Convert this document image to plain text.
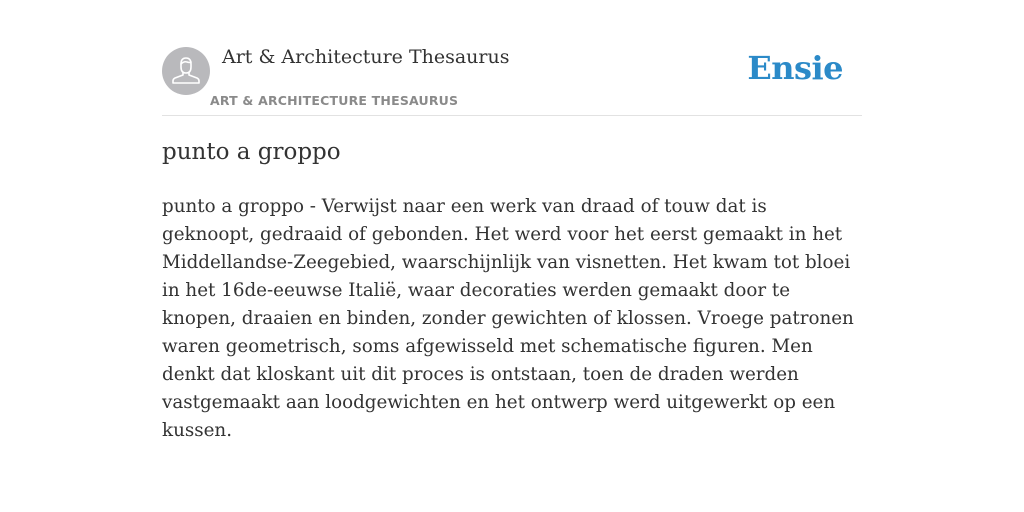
Art & Architecture Thesaurus
ART & ARCHITECTURE THESAURUS
Ensie
punto a groppo

punto a groppo - Verwijst naar een werk van draad of touw dat is geknoopt, gedraaid of gebonden. Het werd voor het eerst gemaakt in het Middellandse-Zeegebied, waarschijnlijk van visnetten. Het kwam tot bloei in het 16de-eeuwse Italië, waar decoraties werden gemaakt door te knopen, draaien en binden, zonder gewichten of klossen. Vroege patronen waren geometrisch, soms afgewisseld met schematische figuren. Men denkt dat kloskant uit dit proces is ontstaan, toen de draden werden vastgemaakt aan loodgewichten en het ontwerp werd uitgewerkt op een kussen.
